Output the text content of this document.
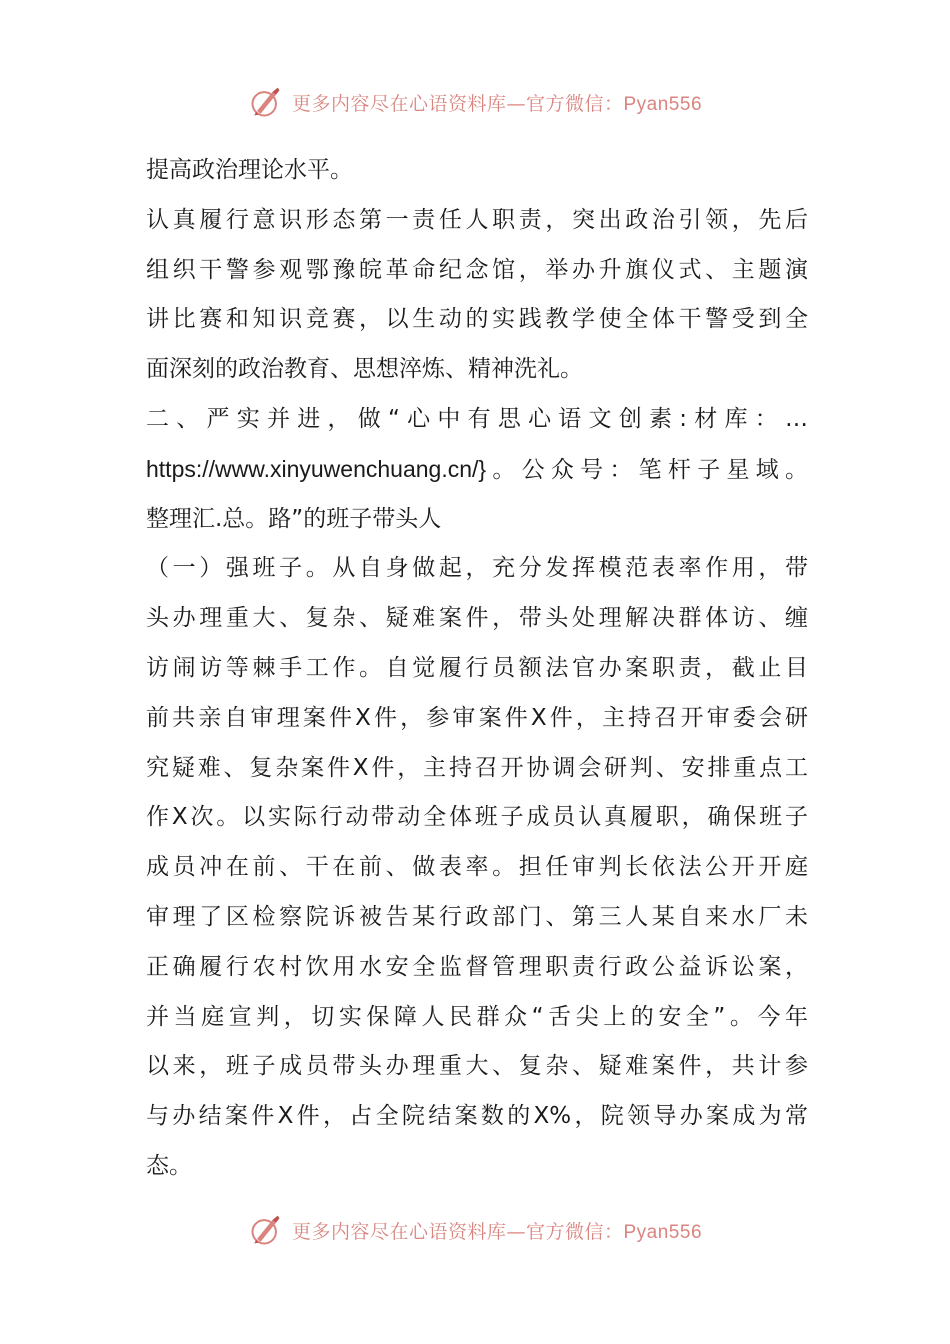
更多内容尽在心语资料库—官方微信：Pyan556
提高政治理论水平。
认真履行意识形态第一责任人职责，突出政治引领，先后
组织干警参观鄂豫皖革命纪念馆，举办升旗仪式、主题演
讲比赛和知识竞赛，以生动的实践教学使全体干警受到全
面深刻的政治教育、思想淬炼、精神洗礼。
二、严实并进，做“心中有思心语文创素:材库：…
https://www.xinyuwenchuang.cn/}。公众号：笔杆子星域。
整理汇.总。路”的班子带头人
（一）强班子。从自身做起，充分发挥模范表率作用，带
头办理重大、复杂、疑难案件，带头处理解决群体访、缠
访闹访等棘手工作。自觉履行员额法官办案职责，截止目
前共亲自审理案件X件，参审案件X件，主持召开审委会研
究疑难、复杂案件X件，主持召开协调会研判、安排重点工
作X次。以实际行动带动全体班子成员认真履职，确保班子
成员冲在前、干在前、做表率。担任审判长依法公开开庭
审理了区检察院诉被告某行政部门、第三人某自来水厂未
正确履行农村饮用水安全监督管理职责行政公益诉讼案，
并当庭宣判，切实保障人民群众“舌尖上的安全”。今年
以来，班子成员带头办理重大、复杂、疑难案件，共计参
与办结案件X件，占全院结案数的X%，院领导办案成为常
态。
更多内容尽在心语资料库—官方微信：Pyan556
